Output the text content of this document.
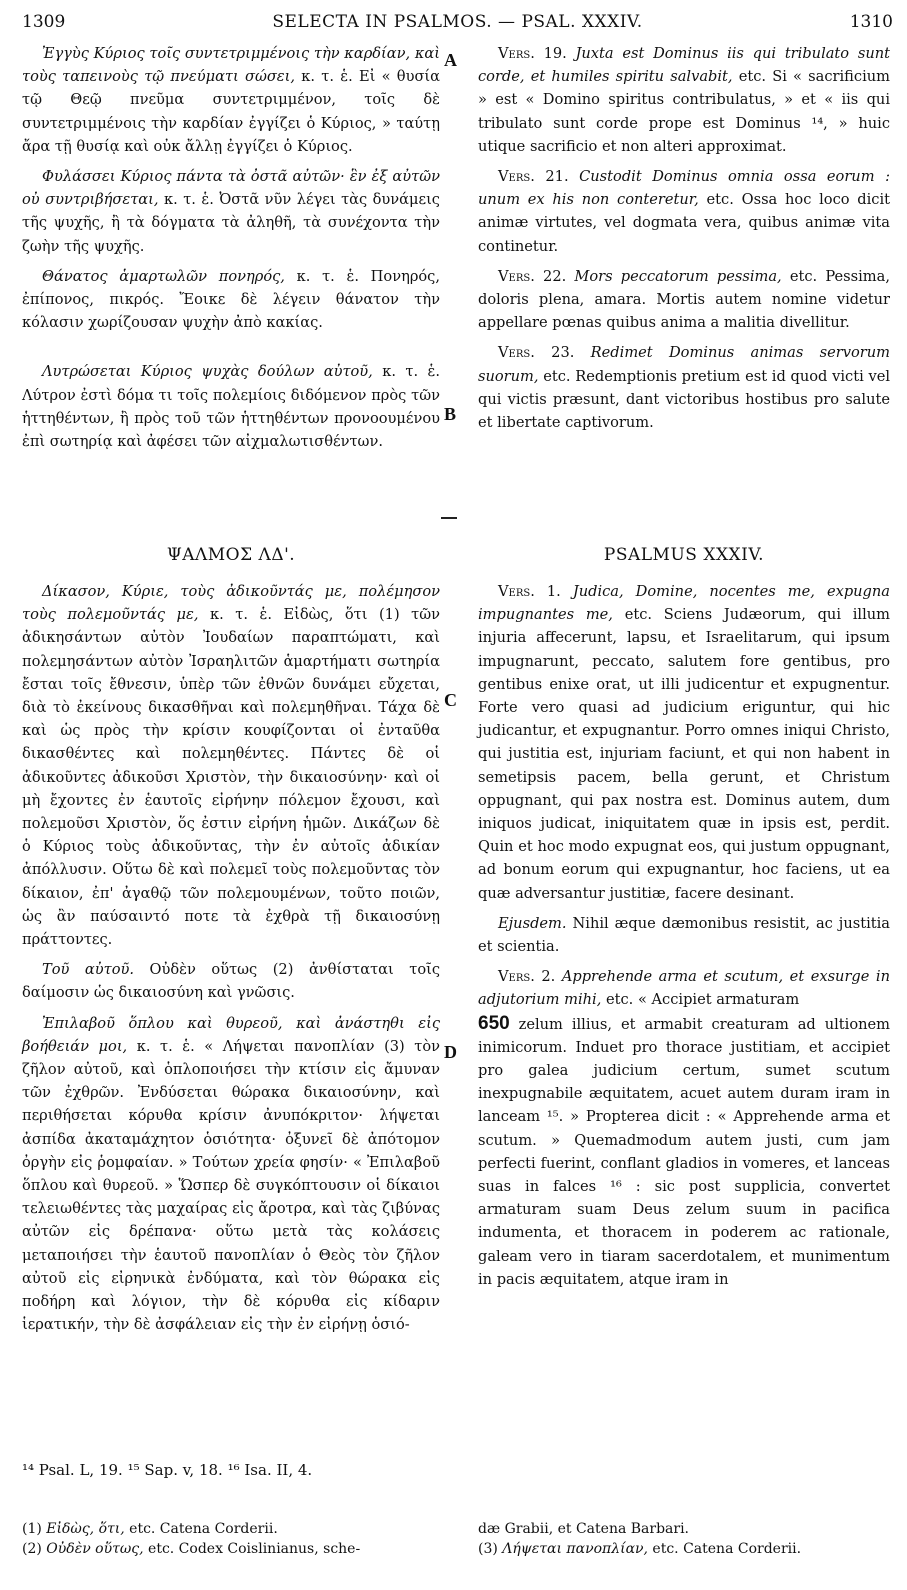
1309	SELECTA IN PSALMOS. — PSAL. XXXIV.	1310

Ἐγγὺς Κύριος τοῖς συντετριμμένοις τὴν καρδίαν, καὶ τοὺς ταπεινοὺς τῷ πνεύματι σώσει, κ. τ. ἑ. Εἰ « θυσία τῷ Θεῷ πνεῦμα συντετριμμένον, τοῖς δὲ συντετριμμένοις τὴν καρδίαν ἐγγίζει ὁ Κύριος, » ταύτῃ ἄρα τῇ θυσίᾳ καὶ οὐκ ἄλλῃ ἐγγίζει ὁ Κύριος.

Φυλάσσει Κύριος πάντα τὰ ὀστᾶ αὐτῶν· ἓν ἐξ αὐτῶν οὐ συντριβήσεται, κ. τ. ἑ. Ὀστᾶ νῦν λέγει τὰς δυνάμεις τῆς ψυχῆς, ἢ τὰ δόγματα τὰ ἀληθῆ, τὰ συνέχοντα τὴν ζωὴν τῆς ψυχῆς.

Θάνατος ἁμαρτωλῶν πονηρός, κ. τ. ἑ. Πονηρός, ἐπίπονος, πικρός. Ἔοικε δὲ λέγειν θάνατον τὴν κόλασιν χωρίζουσαν ψυχὴν ἀπὸ κακίας.

Λυτρώσεται Κύριος ψυχὰς δούλων αὐτοῦ, κ. τ. ἑ. Λύτρον ἐστὶ δόμα τι τοῖς πολεμίοις διδόμενον πρὸς τῶν ἡττηθέντων, ἢ πρὸς τοῦ τῶν ἡττηθέντων προνοουμένου ἐπὶ σωτηρίᾳ καὶ ἀφέσει τῶν αἰχμαλωτισθέντων.

Vers. 19. Juxta est Dominus iis qui tribulato sunt corde, et humiles spiritu salvabit, etc. Si « sacrificium » est « Domino spiritus contribulatus, » et « iis qui tribulato sunt corde prope est Dominus ¹⁴, » huic utique sacrificio et non alteri approximat.

Vers. 21. Custodit Dominus omnia ossa eorum : unum ex his non conteretur, etc. Ossa hoc loco dicit animæ virtutes, vel dogmata vera, quibus animæ vita continetur.

Vers. 22. Mors peccatorum pessima, etc. Pessima, doloris plena, amara. Mortis autem nomine videtur appellare pœnas quibus anima a malitia divellitur.

Vers. 23. Redimet Dominus animas servorum suorum, etc. Redemptionis pretium est id quod victi vel qui victis præsunt, dant victoribus hostibus pro salute et libertate captivorum.

A
B
C
D
ΨΑΛΜΟΣ ΛΔ'.	PSALMUS XXXIV.

Δίκασον, Κύριε, τοὺς ἀδικοῦντάς με, πολέμησον τοὺς πολεμοῦντάς με, κ. τ. ἑ. Εἰδὼς, ὅτι (1) τῶν ἀδικησάντων αὐτὸν Ἰουδαίων παραπτώματι, καὶ πολεμησάντων αὐτὸν Ἰσραηλιτῶν ἁμαρτήματι σωτηρία ἔσται τοῖς ἔθνεσιν, ὑπὲρ τῶν ἐθνῶν δυνάμει εὔχεται, διὰ τὸ ἐκείνους δικασθῆναι καὶ πολεμηθῆναι. Τάχα δὲ καὶ ὡς πρὸς τὴν κρίσιν κουφίζονται οἱ ἐνταῦθα δικασθέντες καὶ πολεμηθέντες. Πάντες δὲ οἱ ἀδικοῦντες ἀδικοῦσι Χριστὸν, τὴν δικαιοσύνην· καὶ οἱ μὴ ἔχοντες ἐν ἑαυτοῖς εἰρήνην πόλεμον ἔχουσι, καὶ πολεμοῦσι Χριστὸν, ὅς ἐστιν εἰρήνη ἡμῶν. Δικάζων δὲ ὁ Κύριος τοὺς ἀδικοῦντας, τὴν ἐν αὐτοῖς ἀδικίαν ἀπόλλυσιν. Οὕτω δὲ καὶ πολεμεῖ τοὺς πολεμοῦντας τὸν δίκαιον, ἐπ' ἀγαθῷ τῶν πολεμουμένων, τοῦτο ποιῶν, ὡς ἂν παύσαιντό ποτε τὰ ἐχθρὰ τῇ δικαιοσύνῃ πράττοντες.

Τοῦ αὐτοῦ. Οὐδὲν οὕτως (2) ἀνθίσταται τοῖς δαίμοσιν ὡς δικαιοσύνη καὶ γνῶσις.

Ἐπιλαβοῦ ὅπλου καὶ θυρεοῦ, καὶ ἀνάστηθι εἰς βοήθειάν μοι, κ. τ. ἑ. « Λήψεται πανοπλίαν (3) τὸν ζῆλον αὐτοῦ, καὶ ὁπλοποιήσει τὴν κτίσιν εἰς ἄμυναν τῶν ἐχθρῶν. Ἐνδύσεται θώρακα δικαιοσύνην, καὶ περιθήσεται κόρυθα κρίσιν ἀνυπόκριτον· λήψεται ἀσπίδα ἀκαταμάχητον ὁσιότητα· ὀξυνεῖ δὲ ἀπότομον ὀργὴν εἰς ῥομφαίαν. » Τούτων χρεία φησίν· « Ἐπιλαβοῦ ὅπλου καὶ θυρεοῦ. » Ὥσπερ δὲ συγκόπτουσιν οἱ δίκαιοι τελειωθέντες τὰς μαχαίρας εἰς ἄροτρα, καὶ τὰς ζιβύνας αὐτῶν εἰς δρέπανα· οὕτω μετὰ τὰς κολάσεις μεταποιήσει τὴν ἑαυτοῦ πανοπλίαν ὁ Θεὸς τὸν ζῆλον αὐτοῦ εἰς εἰρηνικὰ ἐνδύματα, καὶ τὸν θώρακα εἰς ποδήρη καὶ λόγιον, τὴν δὲ κόρυθα εἰς κίδαριν ἱερατικήν, τὴν δὲ ἀσφάλειαν εἰς τὴν ἐν εἰρήνῃ ὁσιό-

Vers. 1. Judica, Domine, nocentes me, expugna impugnantes me, etc. Sciens Judæorum, qui illum injuria affecerunt, lapsu, et Israelitarum, qui ipsum impugnarunt, peccato, salutem fore gentibus, pro gentibus enixe orat, ut illi judicentur et expugnentur. Forte vero quasi ad judicium eriguntur, qui hic judicantur, et expugnantur. Porro omnes iniqui Christo, qui justitia est, injuriam faciunt, et qui non habent in semetipsis pacem, bella gerunt, et Christum oppugnant, qui pax nostra est. Dominus autem, dum iniquos judicat, iniquitatem quæ in ipsis est, perdit. Quin et hoc modo expugnat eos, qui justum oppugnant, ad bonum eorum qui expugnantur, hoc faciens, ut ea quæ adversantur justitiæ, facere desinant.

Ejusdem. Nihil æque dæmonibus resistit, ac justitia et scientia.

Vers. 2. Apprehende arma et scutum, et exsurge in adjutorium mihi, etc. « Accipiet armaturam
650 zelum illius, et armabit creaturam ad ultionem inimicorum. Induet pro thorace justitiam, et accipiet pro galea judicium certum, sumet scutum inexpugnabile æquitatem, acuet autem duram iram in lanceam ¹⁵. » Propterea dicit : « Apprehende arma et scutum. » Quemadmodum autem justi, cum jam perfecti fuerint, conflant gladios in vomeres, et lanceas suas in falces ¹⁶ : sic post supplicia, convertet armaturam suam Deus zelum suum in pacifica indumenta, et thoracem in poderem ac rationale, galeam vero in tiaram sacerdotalem, et munimentum in pacis æquitatem, atque iram in

¹⁴ Psal. L, 19. ¹⁵ Sap. v, 18. ¹⁶ Isa. II, 4.
(1) Εἰδὼς, ὅτι, etc. Catena Corderii.
(2) Οὐδὲν οὕτως, etc. Codex Coislinianus, sche-
dæ Grabii, et Catena Barbari.
(3) Λήψεται πανοπλίαν, etc. Catena Corderii.
